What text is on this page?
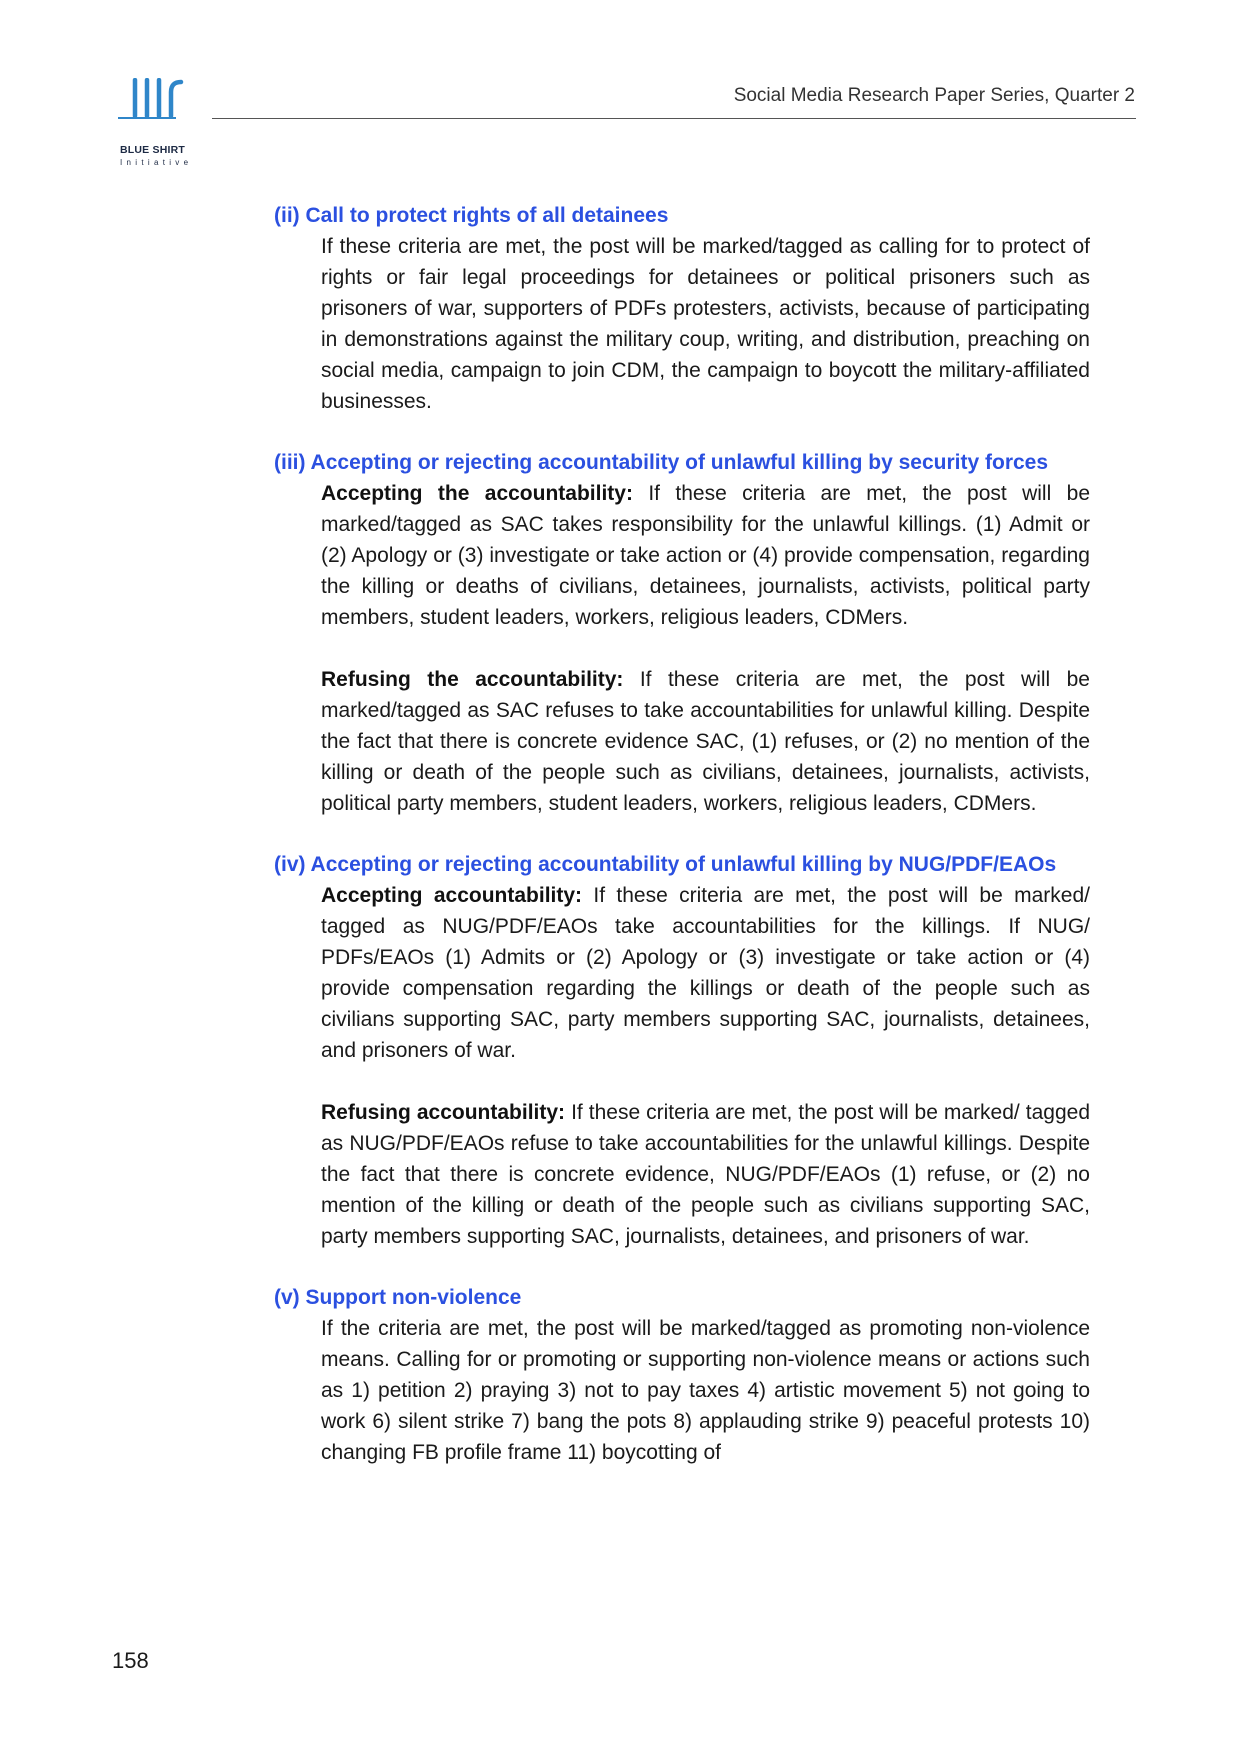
BLUE SHIRT
Initiative
Social Media Research Paper Series, Quarter 2
(ii) Call to protect rights of all detainees

If these criteria are met, the post will be marked/tagged as calling for to protect of rights or fair legal proceedings for detainees or political prisoners such as prisoners of war, supporters of PDFs protesters, activists, because of participating in demonstrations against the military coup, writing, and distribution, preaching on social media, campaign to join CDM, the campaign to boycott the military-affiliated businesses.

(iii) Accepting or rejecting accountability of unlawful killing by security forces

Accepting the accountability: If these criteria are met, the post will be marked/tagged as SAC takes responsibility for the unlawful killings. (1) Admit or (2) Apology or (3) investigate or take action or (4) provide compensation, regarding the killing or deaths of civilians, detainees, journalists, activists, political party members, student leaders, workers, religious leaders, CDMers.

Refusing the accountability: If these criteria are met, the post will be marked/tagged as SAC refuses to take accountabilities for unlawful killing. Despite the fact that there is concrete evidence SAC, (1) refuses, or (2) no mention of the killing or death of the people such as civilians, detainees, journalists, activists, political party members, student leaders, workers, religious leaders, CDMers.

(iv) Accepting or rejecting accountability of unlawful killing by NUG/PDF/EAOs

Accepting accountability: If these criteria are met, the post will be marked/ tagged as NUG/PDF/EAOs take accountabilities for the killings. If NUG/ PDFs/EAOs (1) Admits or (2) Apology or (3) investigate or take action or (4) provide compensation regarding the killings or death of the people such as civilians supporting SAC, party members supporting SAC, journalists, detainees, and prisoners of war.

Refusing accountability: If these criteria are met, the post will be marked/ tagged as NUG/PDF/EAOs refuse to take accountabilities for the unlawful killings. Despite the fact that there is concrete evidence, NUG/PDF/EAOs (1) refuse, or (2) no mention of the killing or death of the people such as civilians supporting SAC, party members supporting SAC, journalists, detainees, and prisoners of war.

(v) Support non-violence

If the criteria are met, the post will be marked/tagged as promoting non-violence means. Calling for or promoting or supporting non-violence means or actions such as 1) petition 2) praying 3) not to pay taxes 4) artistic movement 5) not going to work 6) silent strike 7) bang the pots 8) applauding strike 9) peaceful protests 10) changing FB profile frame 11) boycotting of

158
